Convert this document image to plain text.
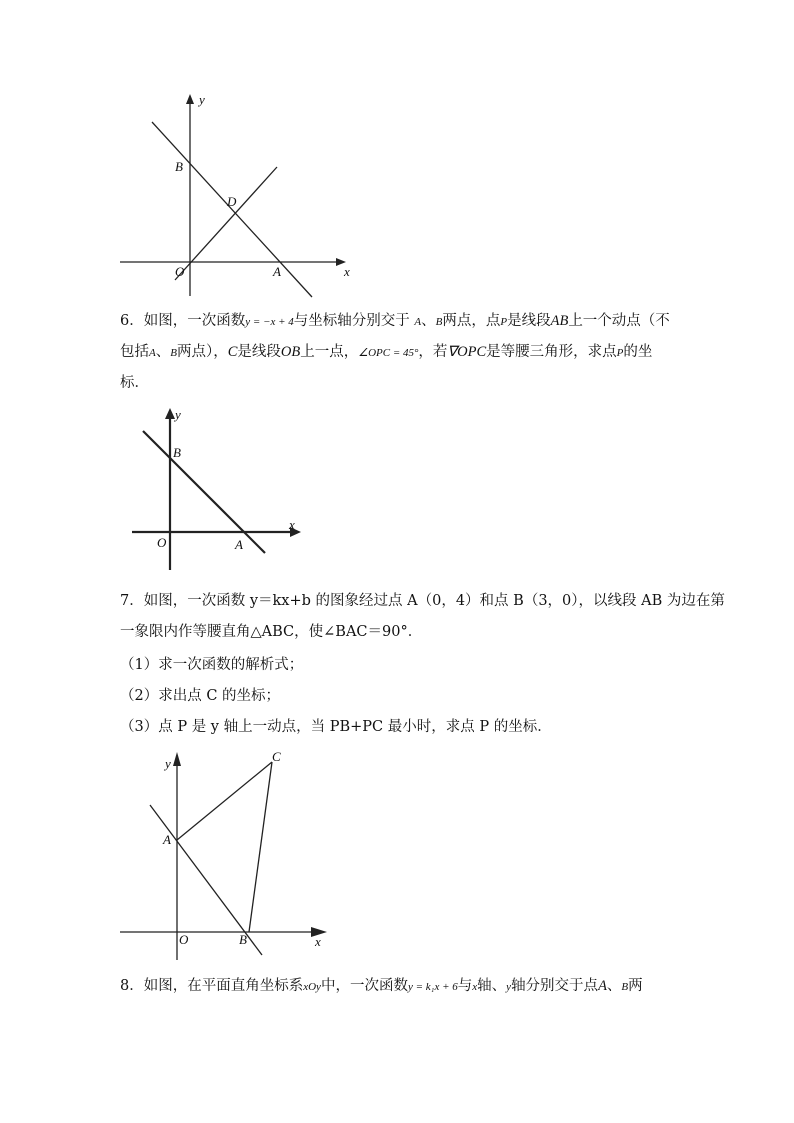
y
x
B
D
O	A
6．如图，一次函数y = −x + 4与坐标轴分别交于 A、B两点，点P是线段AB上一个动点（不
包括A、B两点），C是线段OB上一点，∠OPC = 45°，若∇OPC是等腰三角形，求点P的坐
标．
y
x
B
O	A
7．如图，一次函数 y＝kx+b 的图象经过点 A（0，4）和点 B（3，0），以线段 AB 为边在第
一象限内作等腰直角△ABC，使∠BAC＝90°．
（1）求一次函数的解析式；
（2）求出点 C 的坐标；
（3）点 P 是 y 轴上一动点，当 PB+PC 最小时，求点 P 的坐标．
y
x
C
A
O	B
8．如图，在平面直角坐标系xOy中，一次函数y = k₁x + 6与x轴、y轴分别交于点A、B两
